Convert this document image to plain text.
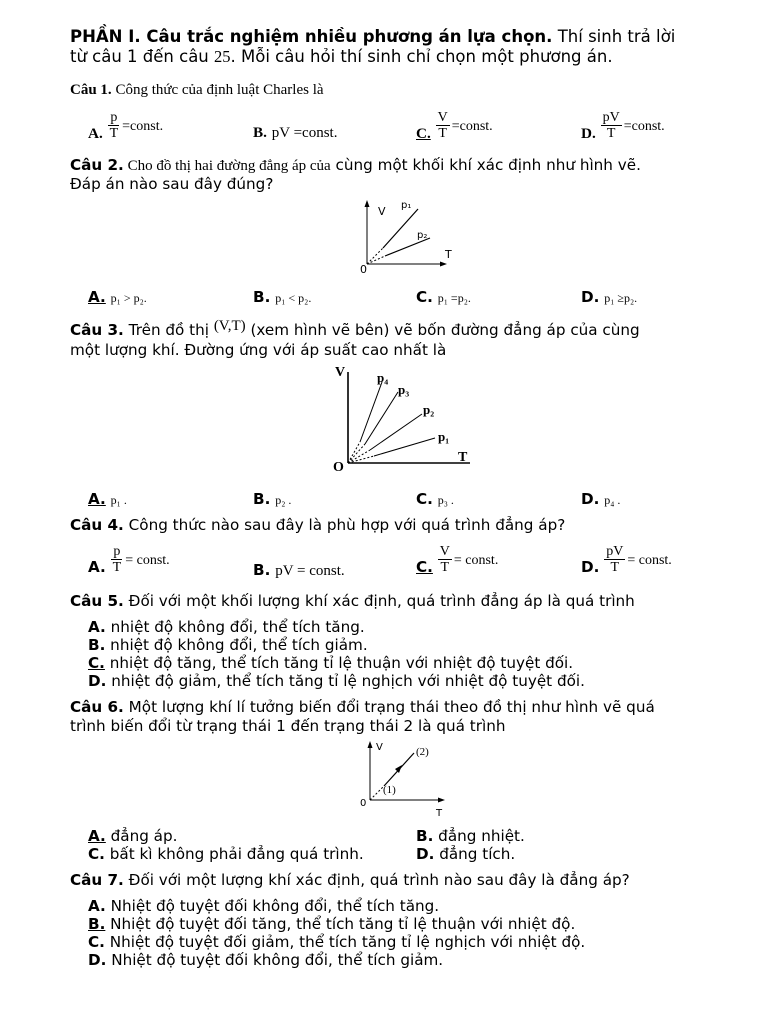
PHẦN I. Câu trắc nghiệm nhiều phương án lựa chọn. Thí sinh trả lời
từ câu 1 đến câu 25. Mỗi câu hỏi thí sinh chỉ chọn một phương án.
Câu 1. Công thức của định luật Charles là
A. $\frac{p}{T}$ =const.	B. pV =const.	C. $\frac{V}{T}$ =const.	D. $\frac{pV}{T}$ =const.
Câu 2. Cho đồ thị hai đường đẳng áp của cùng một khối khí xác định như hình vẽ.
Đáp án nào sau đây đúng?
V p₁
p₂
T
0
A. p₁ > p₂.	B. p₁ < p₂.	C. p₁ =p₂.	D. p₁ ≥p₂.
Câu 3. Trên đồ thị (V,T) (xem hình vẽ bên) vẽ bốn đường đẳng áp của cùng
một lượng khí. Đường ứng với áp suất cao nhất là
V p₄
p₃
p₂
p₁
T
O
A. p₁ .	B. p₂ .	C. p₃ .	D. p₄ .
Câu 4. Công thức nào sau đây là phù hợp với quá trình đẳng áp?
A. $\frac{p}{T}$ = const.
B. pV = const.	C. $\frac{V}{T}$ = const.	D. $\frac{pV}{T}$ = const.
Câu 5. Đối với một khối lượng khí xác định, quá trình đẳng áp là quá trình
A. nhiệt độ không đổi, thể tích tăng.
B. nhiệt độ không đổi, thể tích giảm.
C. nhiệt độ tăng, thể tích tăng tỉ lệ thuận với nhiệt độ tuyệt đối.
D. nhiệt độ giảm, thể tích tăng tỉ lệ nghịch với nhiệt độ tuyệt đối.
Câu 6. Một lượng khí lí tưởng biến đổi trạng thái theo đồ thị như hình vẽ quá
trình biến đổi từ trạng thái 1 đến trạng thái 2 là quá trình
V	(2)
(1)
0
T
A. đẳng áp.	B. đẳng nhiệt.
C. bất kì không phải đẳng quá trình.	D. đẳng tích.
Câu 7. Đối với một lượng khí xác định, quá trình nào sau đây là đẳng áp?
A. Nhiệt độ tuyệt đối không đổi, thể tích tăng.
B. Nhiệt độ tuyệt đối tăng, thể tích tăng tỉ lệ thuận với nhiệt độ.
C. Nhiệt độ tuyệt đối giảm, thể tích tăng tỉ lệ nghịch với nhiệt độ.
D. Nhiệt độ tuyệt đối không đổi, thể tích giảm.
